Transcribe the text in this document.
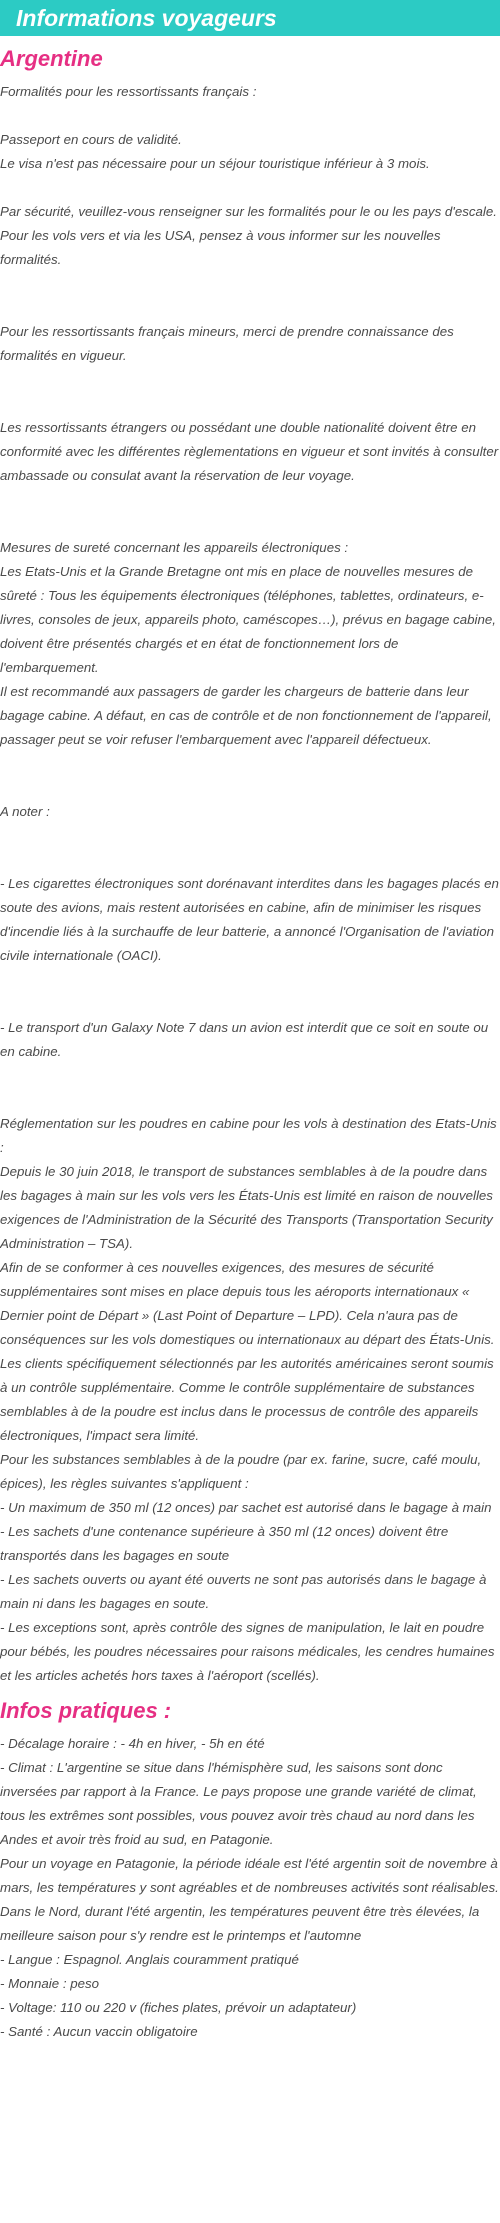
Informations voyageurs
Argentine

Formalités pour les ressortissants français :

Passeport en cours de validité.

Le visa n'est pas nécessaire pour un séjour touristique inférieur à 3 mois.

Par sécurité, veuillez-vous renseigner sur les formalités pour le ou les pays d'escale.

Pour les vols vers et via les USA, pensez à vous informer sur les nouvelles formalités.

Pour les ressortissants français mineurs, merci de prendre connaissance des formalités en vigueur.

Les ressortissants étrangers ou possédant une double nationalité doivent être en conformité avec les différentes règlementations en vigueur et sont invités à consulter ambassade ou consulat avant la réservation de leur voyage.

Mesures de sureté concernant les appareils électroniques :

Les Etats-Unis et la Grande Bretagne ont mis en place de nouvelles mesures de sûreté : Tous les équipements électroniques (téléphones, tablettes, ordinateurs, e-livres, consoles de jeux, appareils photo, caméscopes…), prévus en bagage cabine, doivent être présentés chargés et en état de fonctionnement lors de l'embarquement.

Il est recommandé aux passagers de garder les chargeurs de batterie dans leur bagage cabine. A défaut, en cas de contrôle et de non fonctionnement de l'appareil, passager peut se voir refuser l'embarquement avec l'appareil défectueux.

A noter :

- Les cigarettes électroniques sont dorénavant interdites dans les bagages placés en soute des avions, mais restent autorisées en cabine, afin de minimiser les risques d'incendie liés à la surchauffe de leur batterie, a annoncé l'Organisation de l'aviation civile internationale (OACI).

- Le transport d'un Galaxy Note 7 dans un avion est interdit que ce soit en soute ou en cabine.

Réglementation sur les poudres en cabine pour les vols à destination des Etats-Unis :

Depuis le 30 juin 2018, le transport de substances semblables à de la poudre dans les bagages à main sur les vols vers les États-Unis est limité en raison de nouvelles exigences de l'Administration de la Sécurité des Transports (Transportation Security Administration – TSA).

Afin de se conformer à ces nouvelles exigences, des mesures de sécurité supplémentaires sont mises en place depuis tous les aéroports internationaux « Dernier point de Départ » (Last Point of Departure – LPD). Cela n'aura pas de conséquences sur les vols domestiques ou internationaux au départ des États-Unis.

Les clients spécifiquement sélectionnés par les autorités américaines seront soumis à un contrôle supplémentaire. Comme le contrôle supplémentaire de substances semblables à de la poudre est inclus dans le processus de contrôle des appareils électroniques, l'impact sera limité.

Pour les substances semblables à de la poudre (par ex. farine, sucre, café moulu, épices), les règles suivantes s'appliquent :

- Un maximum de 350 ml (12 onces) par sachet est autorisé dans le bagage à main

- Les sachets d'une contenance supérieure à 350 ml (12 onces) doivent être transportés dans les bagages en soute

- Les sachets ouverts ou ayant été ouverts ne sont pas autorisés dans le bagage à main ni dans les bagages en soute.

- Les exceptions sont, après contrôle des signes de manipulation, le lait en poudre pour bébés, les poudres nécessaires pour raisons médicales, les cendres humaines et les articles achetés hors taxes à l'aéroport (scellés).

Infos pratiques :

- Décalage horaire : - 4h en hiver, - 5h en été

- Climat : L'argentine se situe dans l'hémisphère sud, les saisons sont donc inversées par rapport à la France. Le pays propose une grande variété de climat, tous les extrêmes sont possibles, vous pouvez avoir très chaud au nord dans les Andes et avoir très froid au sud, en Patagonie.

Pour un voyage en Patagonie, la période idéale est l'été argentin soit de novembre à mars, les températures y sont agréables et de nombreuses activités sont réalisables.

Dans le Nord, durant l'été argentin, les températures peuvent être très élevées, la meilleure saison pour s'y rendre est le printemps et l'automne

- Langue : Espagnol. Anglais couramment pratiqué

- Monnaie : peso

- Voltage: 110 ou 220 v (fiches plates, prévoir un adaptateur)

- Santé : Aucun vaccin obligatoire
